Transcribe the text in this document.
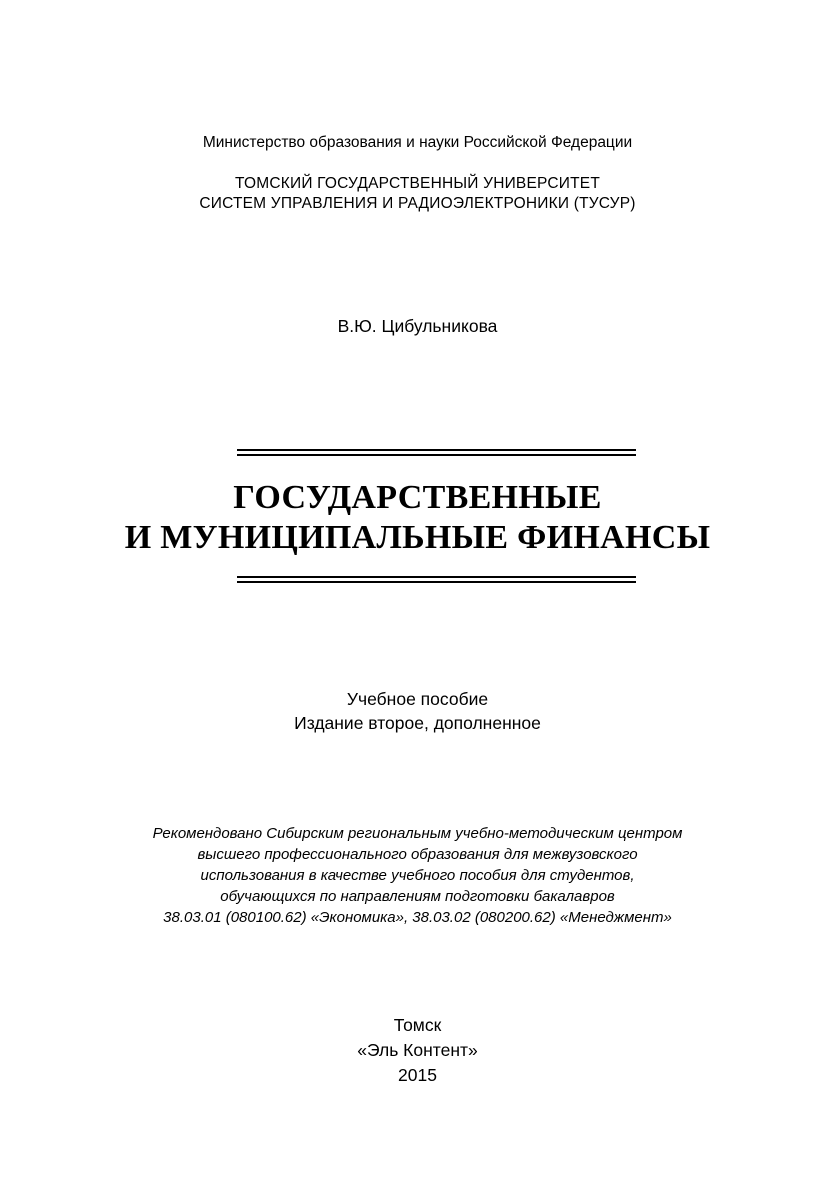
Министерство образования и науки Российской Федерации
ТОМСКИЙ ГОСУДАРСТВЕННЫЙ УНИВЕРСИТЕТ
СИСТЕМ УПРАВЛЕНИЯ И РАДИОЭЛЕКТРОНИКИ (ТУСУР)
В.Ю. Цибульникова
ГОСУДАРСТВЕННЫЕ
И МУНИЦИПАЛЬНЫЕ ФИНАНСЫ
Учебное пособие
Издание второе, дополненное
Рекомендовано Сибирским региональным учебно-методическим центром
высшего профессионального образования для межвузовского
использования в качестве учебного пособия для студентов,
обучающихся по направлениям подготовки бакалавров
38.03.01 (080100.62) «Экономика», 38.03.02 (080200.62) «Менеджмент»
Томск
«Эль Контент»
2015
